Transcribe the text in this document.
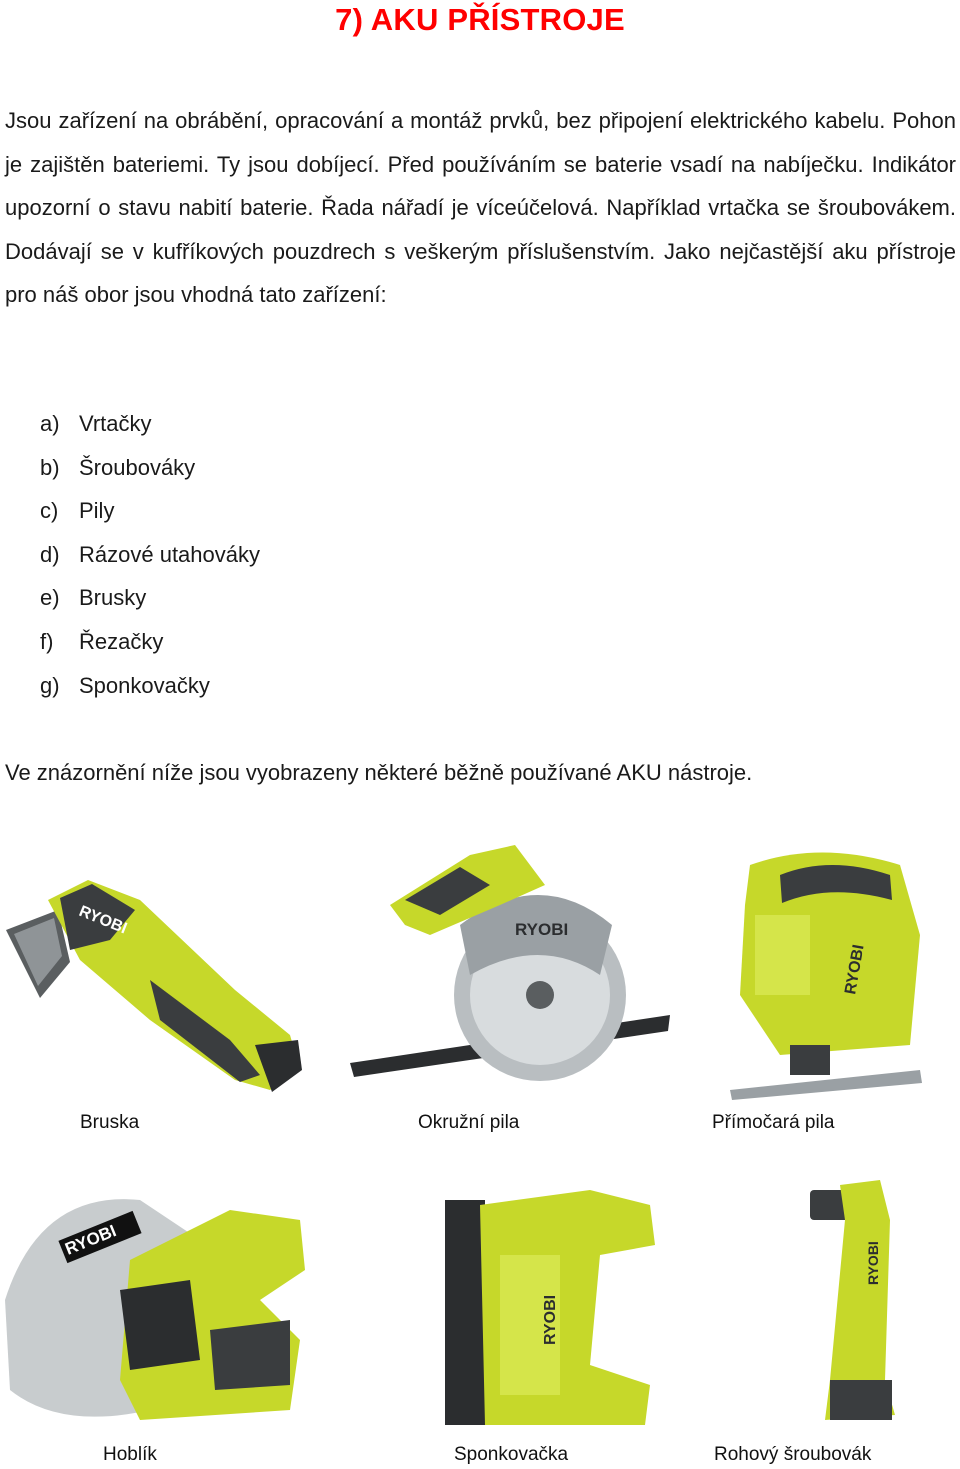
7) AKU PŘÍSTROJE

Jsou zařízení na obrábění, opracování a montáž prvků, bez připojení elektrického kabelu. Pohon je zajištěn bateriemi. Ty jsou dobíjecí. Před používáním se baterie vsadí na nabíječku. Indikátor upozorní o stavu nabití baterie. Řada nářadí je víceúčelová. Například vrtačka se šroubovákem. Dodávají se v kufříkových pouzdrech s veškerým příslušenstvím. Jako nejčastější aku přístroje pro náš obor jsou vhodná tato zařízení:

a) Vrtačky
b) Šroubováky
c) Pily
d) Rázové utahováky
e) Brusky
f)	Řezačky
g) Sponkovačky

Ve znázornění níže jsou vyobrazeny některé běžně používané AKU nástroje.

RYOBI
Bruska
RYOBI
Okružní pila
RYOBI
Přímočará pila
RYOBI
Hoblík
RYOBI
Sponkovačka
RYOBI
Rohový šroubovák
